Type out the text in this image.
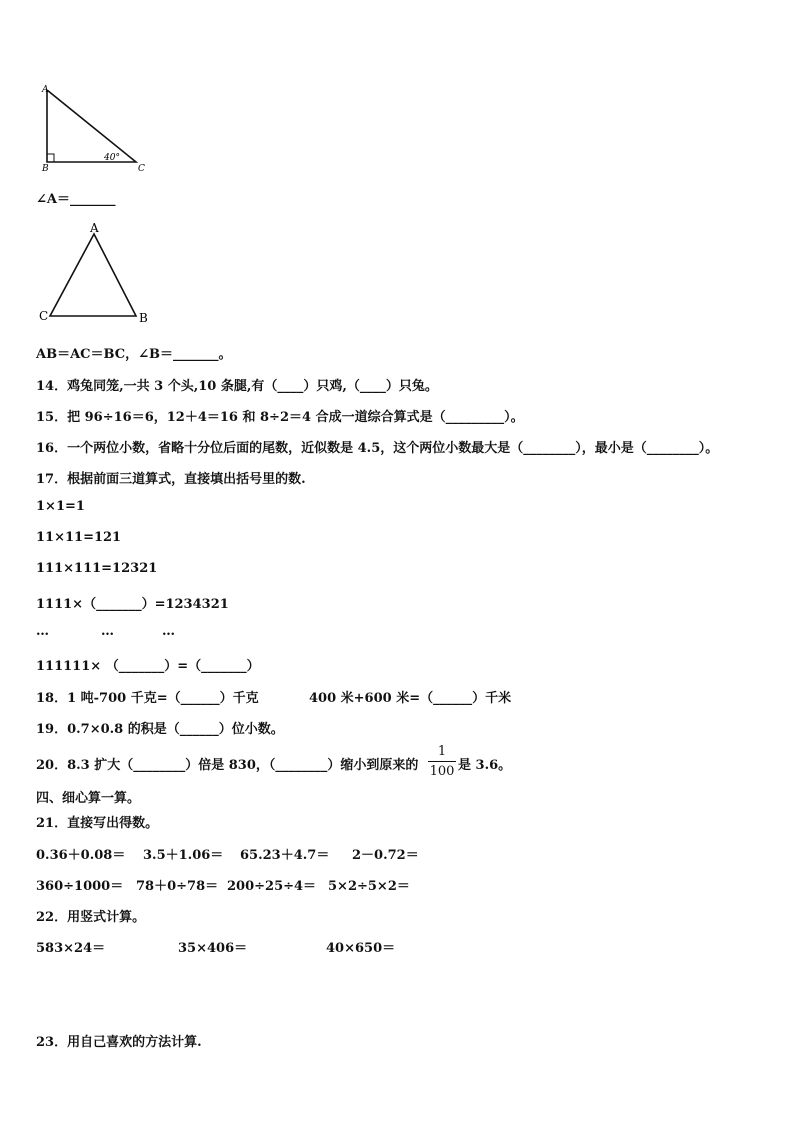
A
B	C
40°
∠A＝_______
A
C	B
AB＝AC＝BC，∠B＝_______。
14．鸡兔同笼,一共 3 个头,10 条腿,有（____）只鸡,（____）只兔。
15．把 96÷16＝6，12＋4＝16 和 8÷2＝4 合成一道综合算式是（_________）。
16．一个两位小数，省略十分位后面的尾数，近似数是 4.5，这个两位小数最大是（________），最小是（________）。
17．根据前面三道算式，直接填出括号里的数.
1×1=1
11×11=121
111×111=12321
1111×（_______）=1234321
…	…	…
111111× （_______）=（_______）
18．1 吨-700 千克=（______）千克	400 米+600 米=（______）千米
19．0.7×0.8 的积是（______）位小数。
20．8.3 扩大（________）倍是 830，（________）缩小到原来的
1
100 是 3.6。
四、细心算一算。
21．直接写出得数。
0.36＋0.08＝ 3.5＋1.06＝ 65.23＋4.7＝ 2－0.72＝
360÷1000＝ 78＋0÷78＝ 200÷25÷4＝ 5×2÷5×2＝
22．用竖式计算。
583×24＝	35×406＝	40×650＝
23．用自己喜欢的方法计算.
